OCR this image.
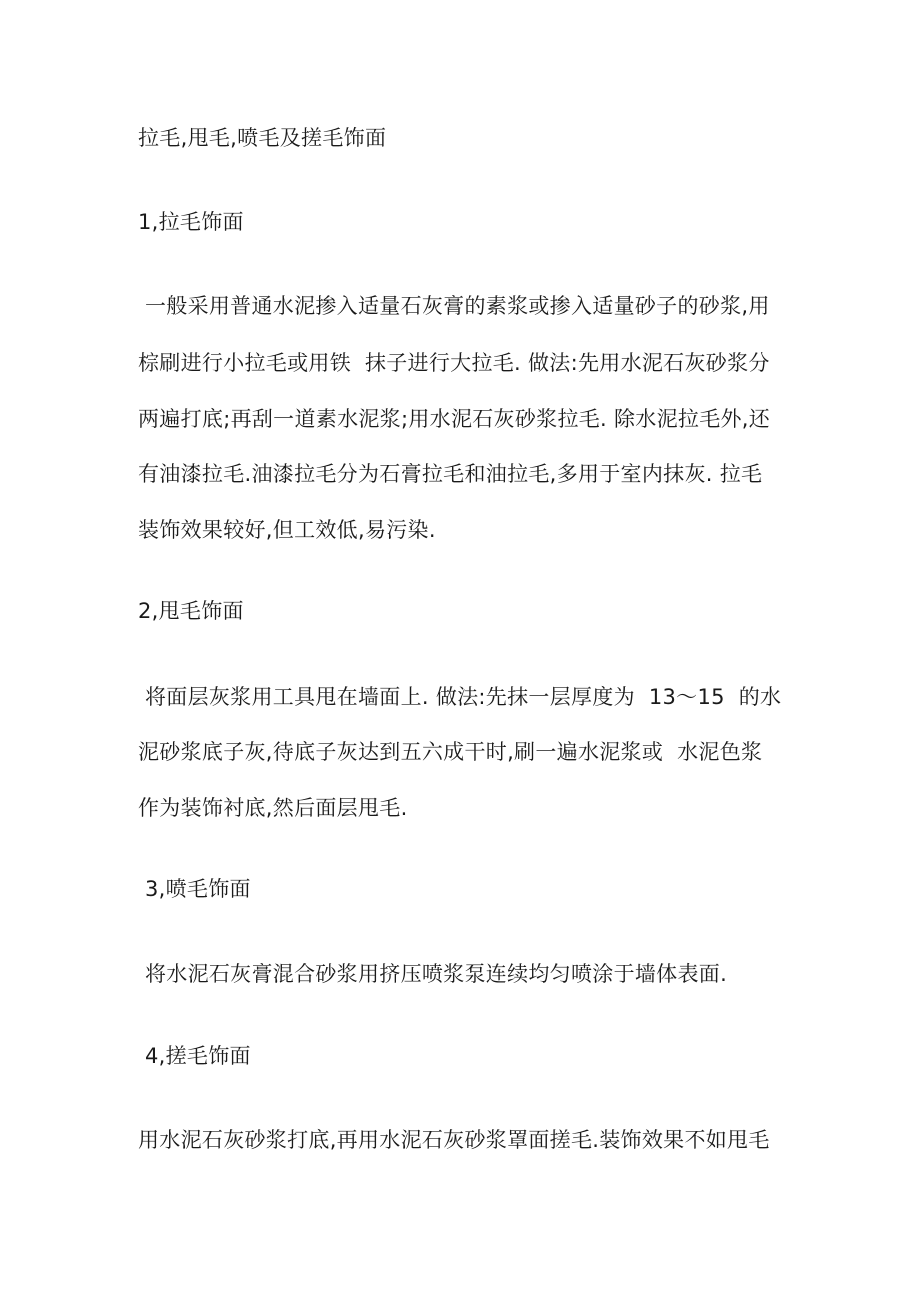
拉毛,甩毛,喷毛及搓毛饰面

1,拉毛饰面

一般采用普通水泥掺入适量石灰膏的素浆或掺入适量砂子的砂浆,用

棕刷进行小拉毛或用铁  抹子进行大拉毛. 做法:先用水泥石灰砂浆分

两遍打底;再刮一道素水泥浆;用水泥石灰砂浆拉毛. 除水泥拉毛外,还

有油漆拉毛.油漆拉毛分为石膏拉毛和油拉毛,多用于室内抹灰. 拉毛

装饰效果较好,但工效低,易污染.

2,甩毛饰面

将面层灰浆用工具甩在墙面上. 做法:先抹一层厚度为  13～15  的水

泥砂浆底子灰,待底子灰达到五六成干时,刷一遍水泥浆或  水泥色浆

作为装饰衬底,然后面层甩毛.

3,喷毛饰面

将水泥石灰膏混合砂浆用挤压喷浆泵连续均匀喷涂于墙体表面.

4,搓毛饰面

用水泥石灰砂浆打底,再用水泥石灰砂浆罩面搓毛.装饰效果不如甩毛
